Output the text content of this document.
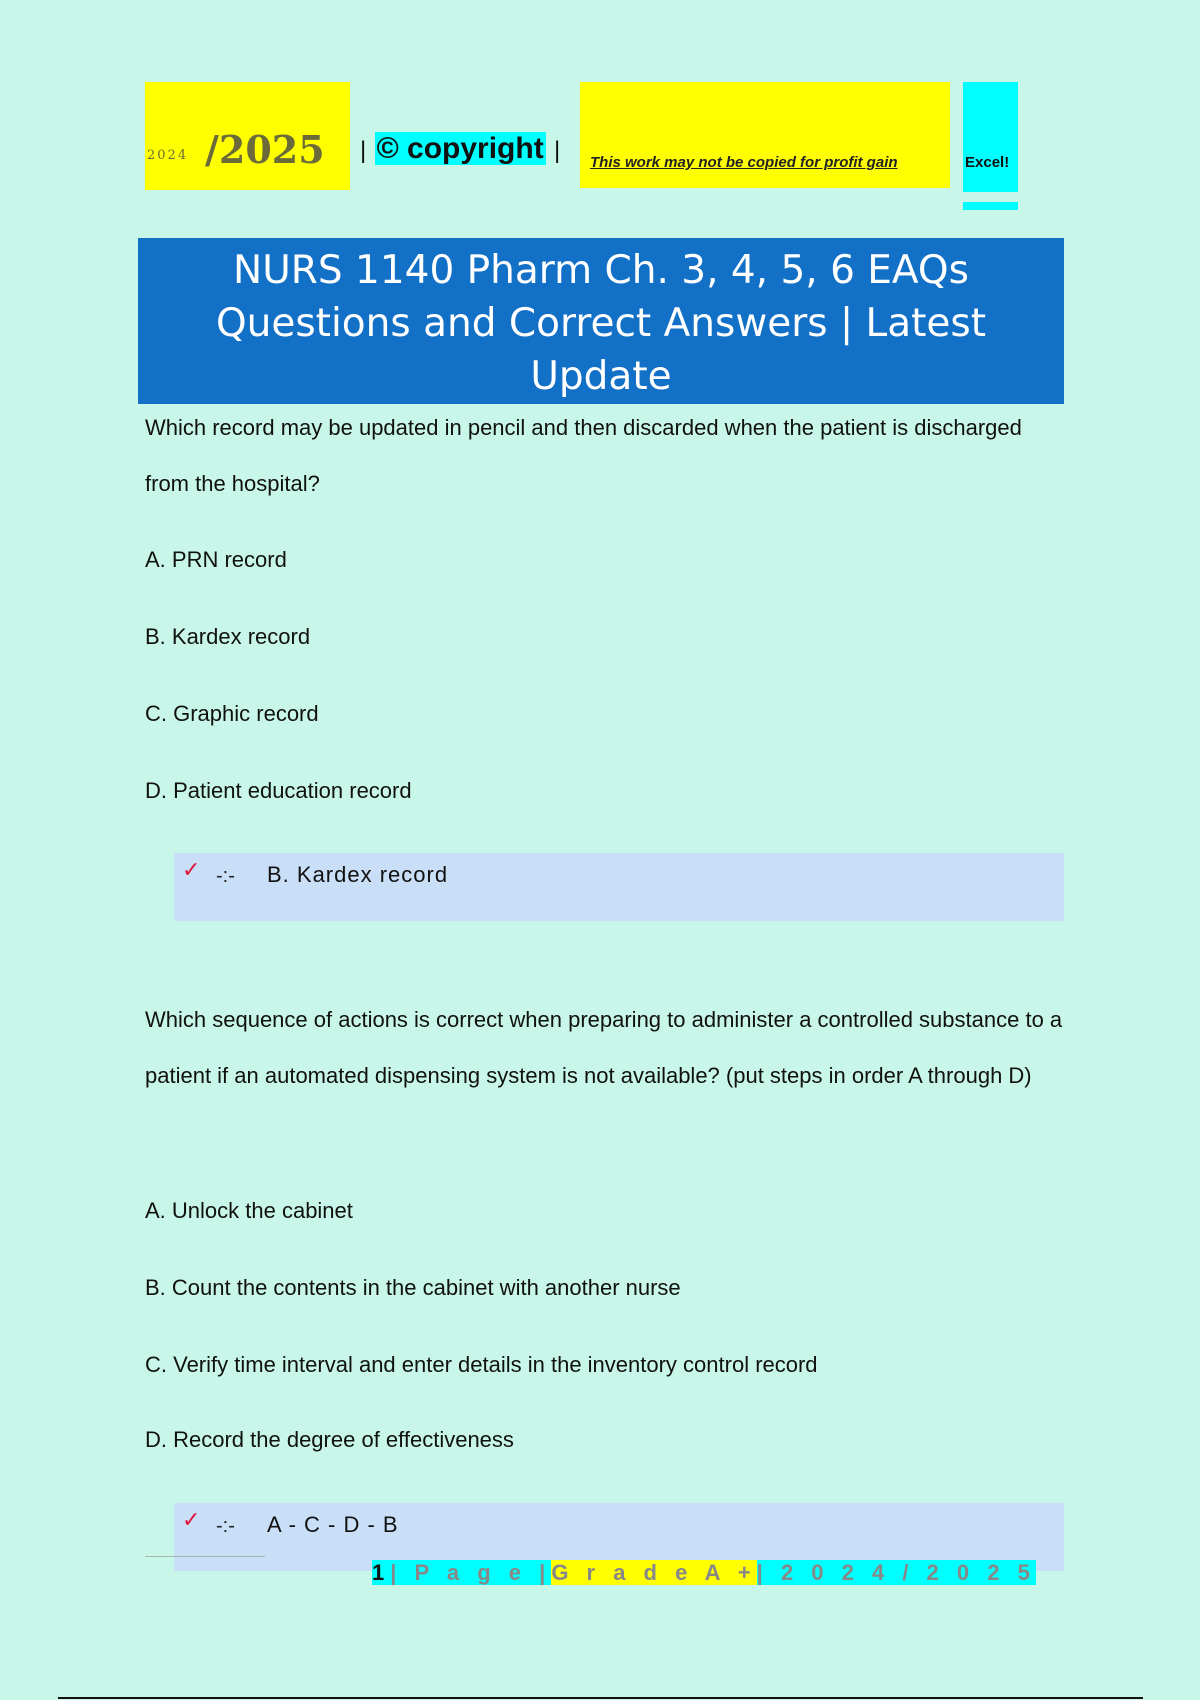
2024 /2025 | © copyright | This work may not be copied for profit gain	Excel!
NURS 1140 Pharm Ch. 3, 4, 5, 6 EAQs
Questions and Correct Answers | Latest
Update
Which record may be updated in pencil and then discarded when the patient is discharged from the hospital?
A. PRN record
B. Kardex record
C. Graphic record
D. Patient education record
✓ -:- B. Kardex record
Which sequence of actions is correct when preparing to administer a controlled substance to a patient if an automated dispensing system is not available? (put steps in order A through D)
A. Unlock the cabinet
B. Count the contents in the cabinet with another nurse
C. Verify time interval and enter details in the inventory control record
D. Record the degree of effectiveness
✓ -:- A - C - D - B
1| P a g e |G r a d e A +| 2 0 2 4 / 2 0 2 5
